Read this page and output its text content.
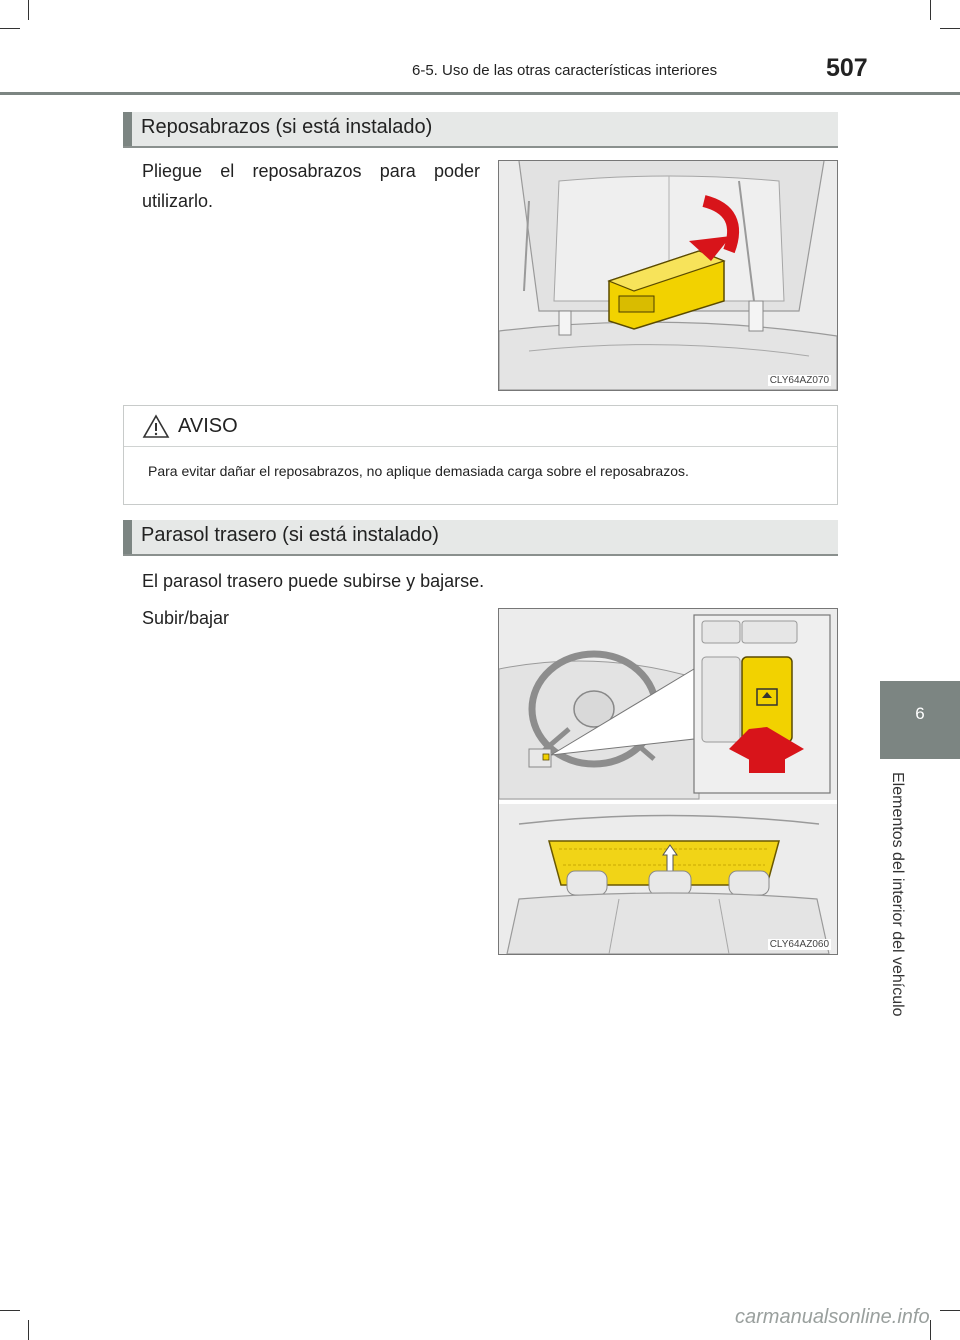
6-5. Uso de las otras características interiores	507
Reposabrazos (si está instalado)
Pliegue el reposabrazos para poder utilizarlo.
CLY64AZ070
AVISO
Para evitar dañar el reposabrazos, no aplique demasiada carga sobre el reposabrazos.
Parasol trasero (si está instalado)
El parasol trasero puede subirse y bajarse.
Subir/bajar
CLY64AZ060
6
Elementos del interior del vehículo
carmanualsonline.info
